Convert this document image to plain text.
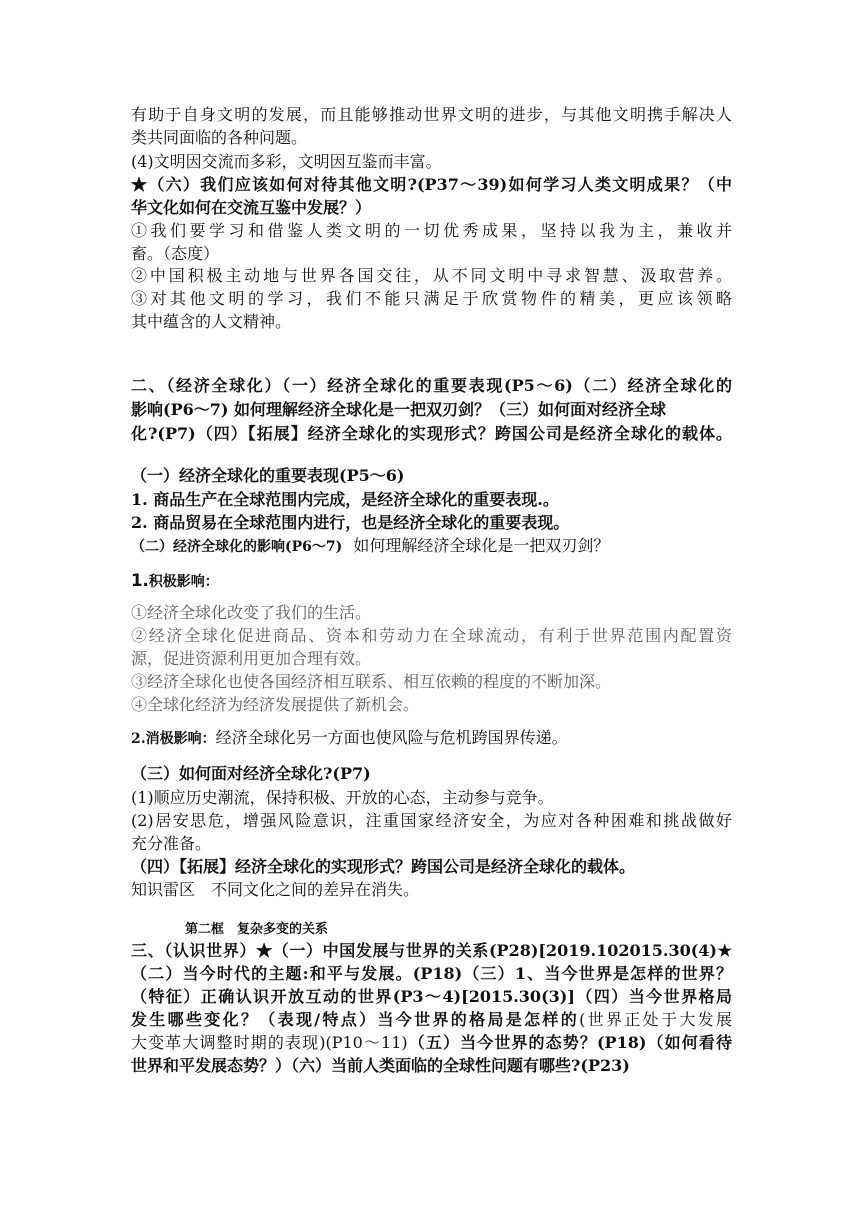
有助于自身文明的发展，而且能够推动世界文明的进步，与其他文明携手解决人
类共同面临的各种问题。
(4)文明因交流而多彩，文明因互鉴而丰富。
★（六）我们应该如何对待其他文明?(P37～39)如何学习人类文明成果？（中
华文化如何在交流互鉴中发展？）
①我们要学习和借鉴人类文明的一切优秀成果，坚持以我为主，兼收并
畜。（态度）
②中国积极主动地与世界各国交往，从不同文明中寻求智慧、汲取营养。
③对其他文明的学习，我们不能只满足于欣赏物件的精美，更应该领略
其中蕴含的人文精神。
二、（经济全球化）（一）经济全球化的重要表现(P5～6)（二）经济全球化的
影响(P6～7) 如何理解经济全球化是一把双刃剑？（三）如何面对经济全球
化?(P7)（四）【拓展】经济全球化的实现形式？跨国公司是经济全球化的载体。
（一）经济全球化的重要表现(P5～6)
1. 商品生产在全球范围内完成，是经济全球化的重要表现.。
2. 商品贸易在全球范围内进行，也是经济全球化的重要表现。
（二）经济全球化的影响(P6～7) 如何理解经济全球化是一把双刃剑？
1.积极影响：
①经济全球化改变了我们的生活。
②经济全球化促进商品、资本和劳动力在全球流动，有利于世界范围内配置资
源，促进资源利用更加合理有效。
③经济全球化也使各国经济相互联系、相互依赖的程度的不断加深。
④全球化经济为经济发展提供了新机会。
2.消极影响：经济全球化另一方面也使风险与危机跨国界传递。
（三）如何面对经济全球化?(P7)
(1)顺应历史潮流，保持积极、开放的心态，主动参与竞争。
(2)居安思危，增强风险意识，注重国家经济安全，为应对各种困难和挑战做好
充分准备。
（四）【拓展】经济全球化的实现形式？跨国公司是经济全球化的载体。
知识雷区　不同文化之间的差异在消失。
第二框　复杂多变的关系
三、（认识世界）★（一）中国发展与世界的关系(P28)[2019.102015.30(4)★
（二）当今时代的主题:和平与发展。(P18)（三）1、当今世界是怎样的世界？
（特征）正确认识开放互动的世界(P3～4)[2015.30(3)]（四）当今世界格局
发生哪些变化？（表现/特点）当今世界的格局是怎样的(世界正处于大发展
大变革大调整时期的表现)(P10～11)（五）当今世界的态势？(P18)（如何看待
世界和平发展态势？）（六）当前人类面临的全球性问题有哪些?(P23)
